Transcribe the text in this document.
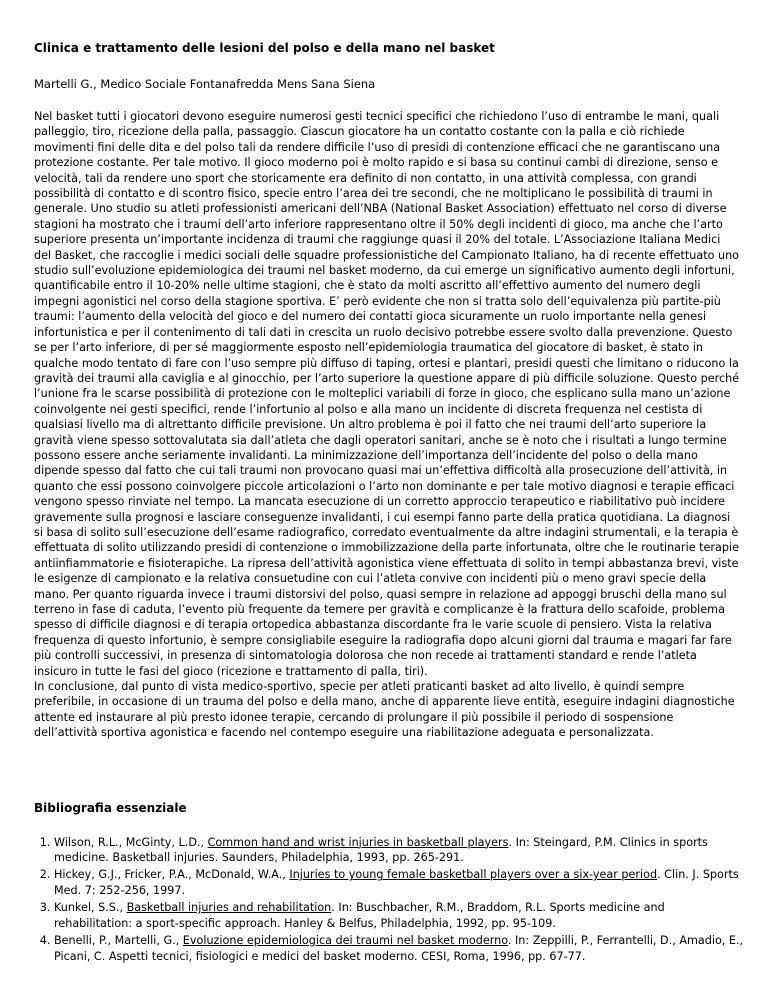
Clinica e trattamento delle lesioni del polso e della mano nel basket
Martelli G., Medico Sociale Fontanafredda Mens Sana Siena
Nel basket tutti i giocatori devono eseguire numerosi gesti tecnici specifici che richiedono l’uso di entrambe le mani, quali palleggio, tiro, ricezione della palla, passaggio. Ciascun giocatore ha un contatto costante con la palla e ciò richiede movimenti fini delle dita e del polso tali da rendere difficile l’uso di presidi di contenzione efficaci che ne garantiscano una protezione costante. Per tale motivo. Il gioco moderno poi è molto rapido e si basa su continui cambi di direzione, senso e velocità, tali da rendere uno sport che storicamente era definito di non contatto, in una attività complessa, con grandi possibilità di contatto e di scontro fisico, specie entro l’area dei tre secondi, che ne moltiplicano le possibilità di traumi in generale. Uno studio su atleti professionisti americani dell’NBA (National Basket Association) effettuato nel corso di diverse stagioni ha mostrato che i traumi dell’arto inferiore rappresentano oltre il 50% degli incidenti di gioco, ma anche che l’arto superiore presenta un’importante incidenza di traumi che raggiunge quasi il 20% del totale. L’Associazione Italiana Medici del Basket, che raccoglie i medici sociali delle squadre professionistiche del Campionato Italiano, ha di recente effettuato uno studio sull’evoluzione epidemiologica dei traumi nel basket moderno, da cui emerge un significativo aumento degli infortuni, quantificabile entro il 10-20% nelle ultime stagioni, che è stato da molti ascritto all’effettivo aumento del numero degli impegni agonistici nel corso della stagione sportiva. E’ però evidente che non si tratta solo dell’equivalenza più partite-più traumi: l’aumento della velocità del gioco e del numero dei contatti gioca sicuramente un ruolo importante nella genesi infortunistica e per il contenimento di tali dati in crescita un ruolo decisivo potrebbe essere svolto dalla prevenzione. Questo se per l’arto inferiore, di per sé maggiormente esposto nell’epidemiologia traumatica del giocatore di basket, è stato in qualche modo tentato di fare con l’uso sempre più diffuso di taping, ortesi e plantari, presidi questi che limitano o riducono la gravità dei traumi alla caviglia e al ginocchio, per l’arto superiore la questione appare di più difficile soluzione. Questo perché l’unione fra le scarse possibilità di protezione con le molteplici variabili di forze in gioco, che esplicano sulla mano un’azione coinvolgente nei gesti specifici, rende l’infortunio al polso e alla mano un incidente di discreta frequenza nel cestista di qualsiasi livello ma di altrettanto difficile previsione. Un altro problema è poi il fatto che nei traumi dell’arto superiore la gravità viene spesso sottovalutata sia dall’atleta che dagli operatori sanitari, anche se è noto che i risultati a lungo termine possono essere anche seriamente invalidanti. La minimizzazione dell’importanza dell’incidente del polso o della mano dipende spesso dal fatto che cui tali traumi non provocano quasi mai un’effettiva difficoltà alla prosecuzione dell’attività, in quanto che essi possono coinvolgere piccole articolazioni o l’arto non dominante e per tale motivo diagnosi e terapie efficaci vengono spesso rinviate nel tempo. La mancata esecuzione di un corretto approccio terapeutico e riabilitativo può incidere gravemente sulla prognosi e lasciare conseguenze invalidanti, i cui esempi fanno parte della pratica quotidiana. La diagnosi si basa di solito sull’esecuzione dell’esame radiografico, corredato eventualmente da altre indagini strumentali, e la terapia è effettuata di solito utilizzando presidi di contenzione o immobilizzazione della parte infortunata, oltre che le routinarie terapie antiinfiammatorie e fisioterapiche. La ripresa dell’attività agonistica viene effettuata di solito in tempi abbastanza brevi, viste le esigenze di campionato e la relativa consuetudine con cui l’atleta convive con incidenti più o meno gravi specie della mano. Per quanto riguarda invece i traumi distorsivi del polso, quasi sempre in relazione ad appoggi bruschi della mano sul terreno in fase di caduta, l’evento più frequente da temere per gravità e complicanze è la frattura dello scafoide, problema spesso di difficile diagnosi e di terapia ortopedica abbastanza discordante fra le varie scuole di pensiero. Vista la relativa frequenza di questo infortunio, è sempre consigliabile eseguire la radiografia dopo alcuni giorni dal trauma e magari far fare più controlli successivi, in presenza di sintomatologia dolorosa che non recede ai trattamenti standard e rende l’atleta insicuro in tutte le fasi del gioco (ricezione e trattamento di palla, tiri).
In conclusione, dal punto di vista medico-sportivo, specie per atleti praticanti basket ad alto livello, è quindi sempre preferibile, in occasione di un trauma del polso e della mano, anche di apparente lieve entità, eseguire indagini diagnostiche attente ed instaurare al più presto idonee terapie, cercando di prolungare il più possibile il periodo di sospensione dell’attività sportiva agonistica e facendo nel contempo eseguire una riabilitazione adeguata e personalizzata.
Bibliografia essenziale
1. Wilson, R.L., McGinty, L.D., Common hand and wrist injuries in basketball players. In: Steingard, P.M. Clinics in sports medicine. Basketball injuries. Saunders, Philadelphia, 1993, pp. 265-291.
2. Hickey, G.J., Fricker, P.A., McDonald, W.A., Injuries to young female basketball players over a six-year period. Clin. J. Sports Med. 7: 252-256, 1997.
3. Kunkel, S.S., Basketball injuries and rehabilitation. In: Buschbacher, R.M., Braddom, R.L. Sports medicine and rehabilitation: a sport-specific approach. Hanley & Belfus, Philadelphia, 1992, pp. 95-109.
4. Benelli, P., Martelli, G., Evoluzione epidemiologica dei traumi nel basket moderno. In: Zeppilli, P., Ferrantelli, D., Amadio, E., Picani, C. Aspetti tecnici, fisiologici e medici del basket moderno. CESI, Roma, 1996, pp. 67-77.
